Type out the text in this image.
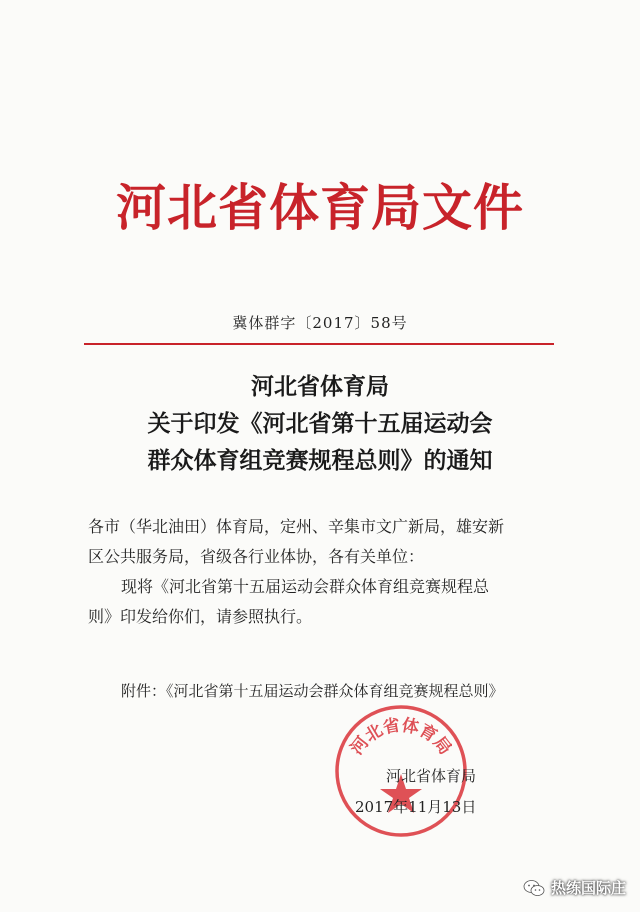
河北省体育局文件
冀体群字〔2017〕58号
河北省体育局
关于印发《河北省第十五届运动会
群众体育组竞赛规程总则》的通知
各市（华北油田）体育局，定州、辛集市文广新局，雄安新
区公共服务局，省级各行业体协，各有关单位：
现将《河北省第十五届运动会群众体育组竞赛规程总
则》印发给你们，请参照执行。
附件：《河北省第十五届运动会群众体育组竞赛规程总则》
河北省体育局
河北省体育局
2017年11月13日
热练国际庄
